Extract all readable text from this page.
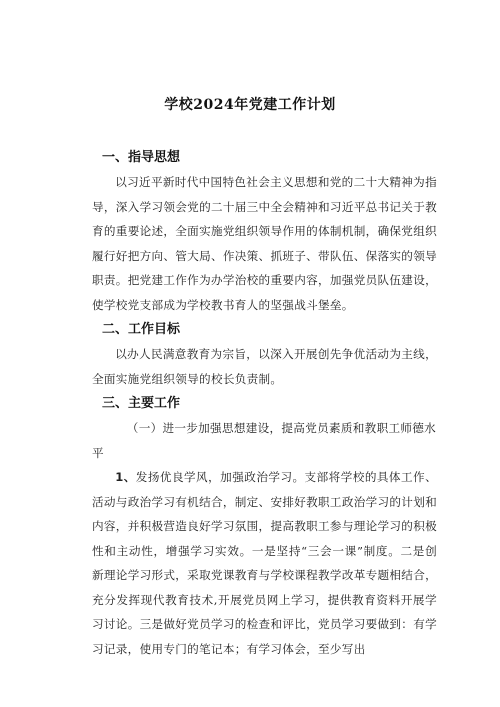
学校2024年党建工作计划
一、指导思想

以习近平新时代中国特色社会主义思想和党的二十大精神为指导，深入学习领会党的二十届三中全会精神和习近平总书记关于教育的重要论述，全面实施党组织领导作用的体制机制，确保党组织履行好把方向、管大局、作决策、抓班子、带队伍、保落实的领导职责。把党建工作作为办学治校的重要内容，加强党员队伍建设，使学校党支部成为学校教书育人的坚强战斗堡垒。

二、工作目标

以办人民满意教育为宗旨，以深入开展创先争优活动为主线，全面实施党组织领导的校长负责制。

三、主要工作

（一）进一步加强思想建设，提高党员素质和教职工师德水平

1、发扬优良学风，加强政治学习。支部将学校的具体工作、活动与政治学习有机结合，制定、安排好教职工政治学习的计划和内容，并积极营造良好学习氛围，提高教职工参与理论学习的积极性和主动性，增强学习实效。一是坚持“三会一课”制度。二是创新理论学习形式，采取党课教育与学校课程教学改革专题相结合，充分发挥现代教育技术,开展党员网上学习，提供教育资料开展学习讨论。三是做好党员学习的检查和评比，党员学习要做到：有学习记录，使用专门的笔记本；有学习体会，至少写出
